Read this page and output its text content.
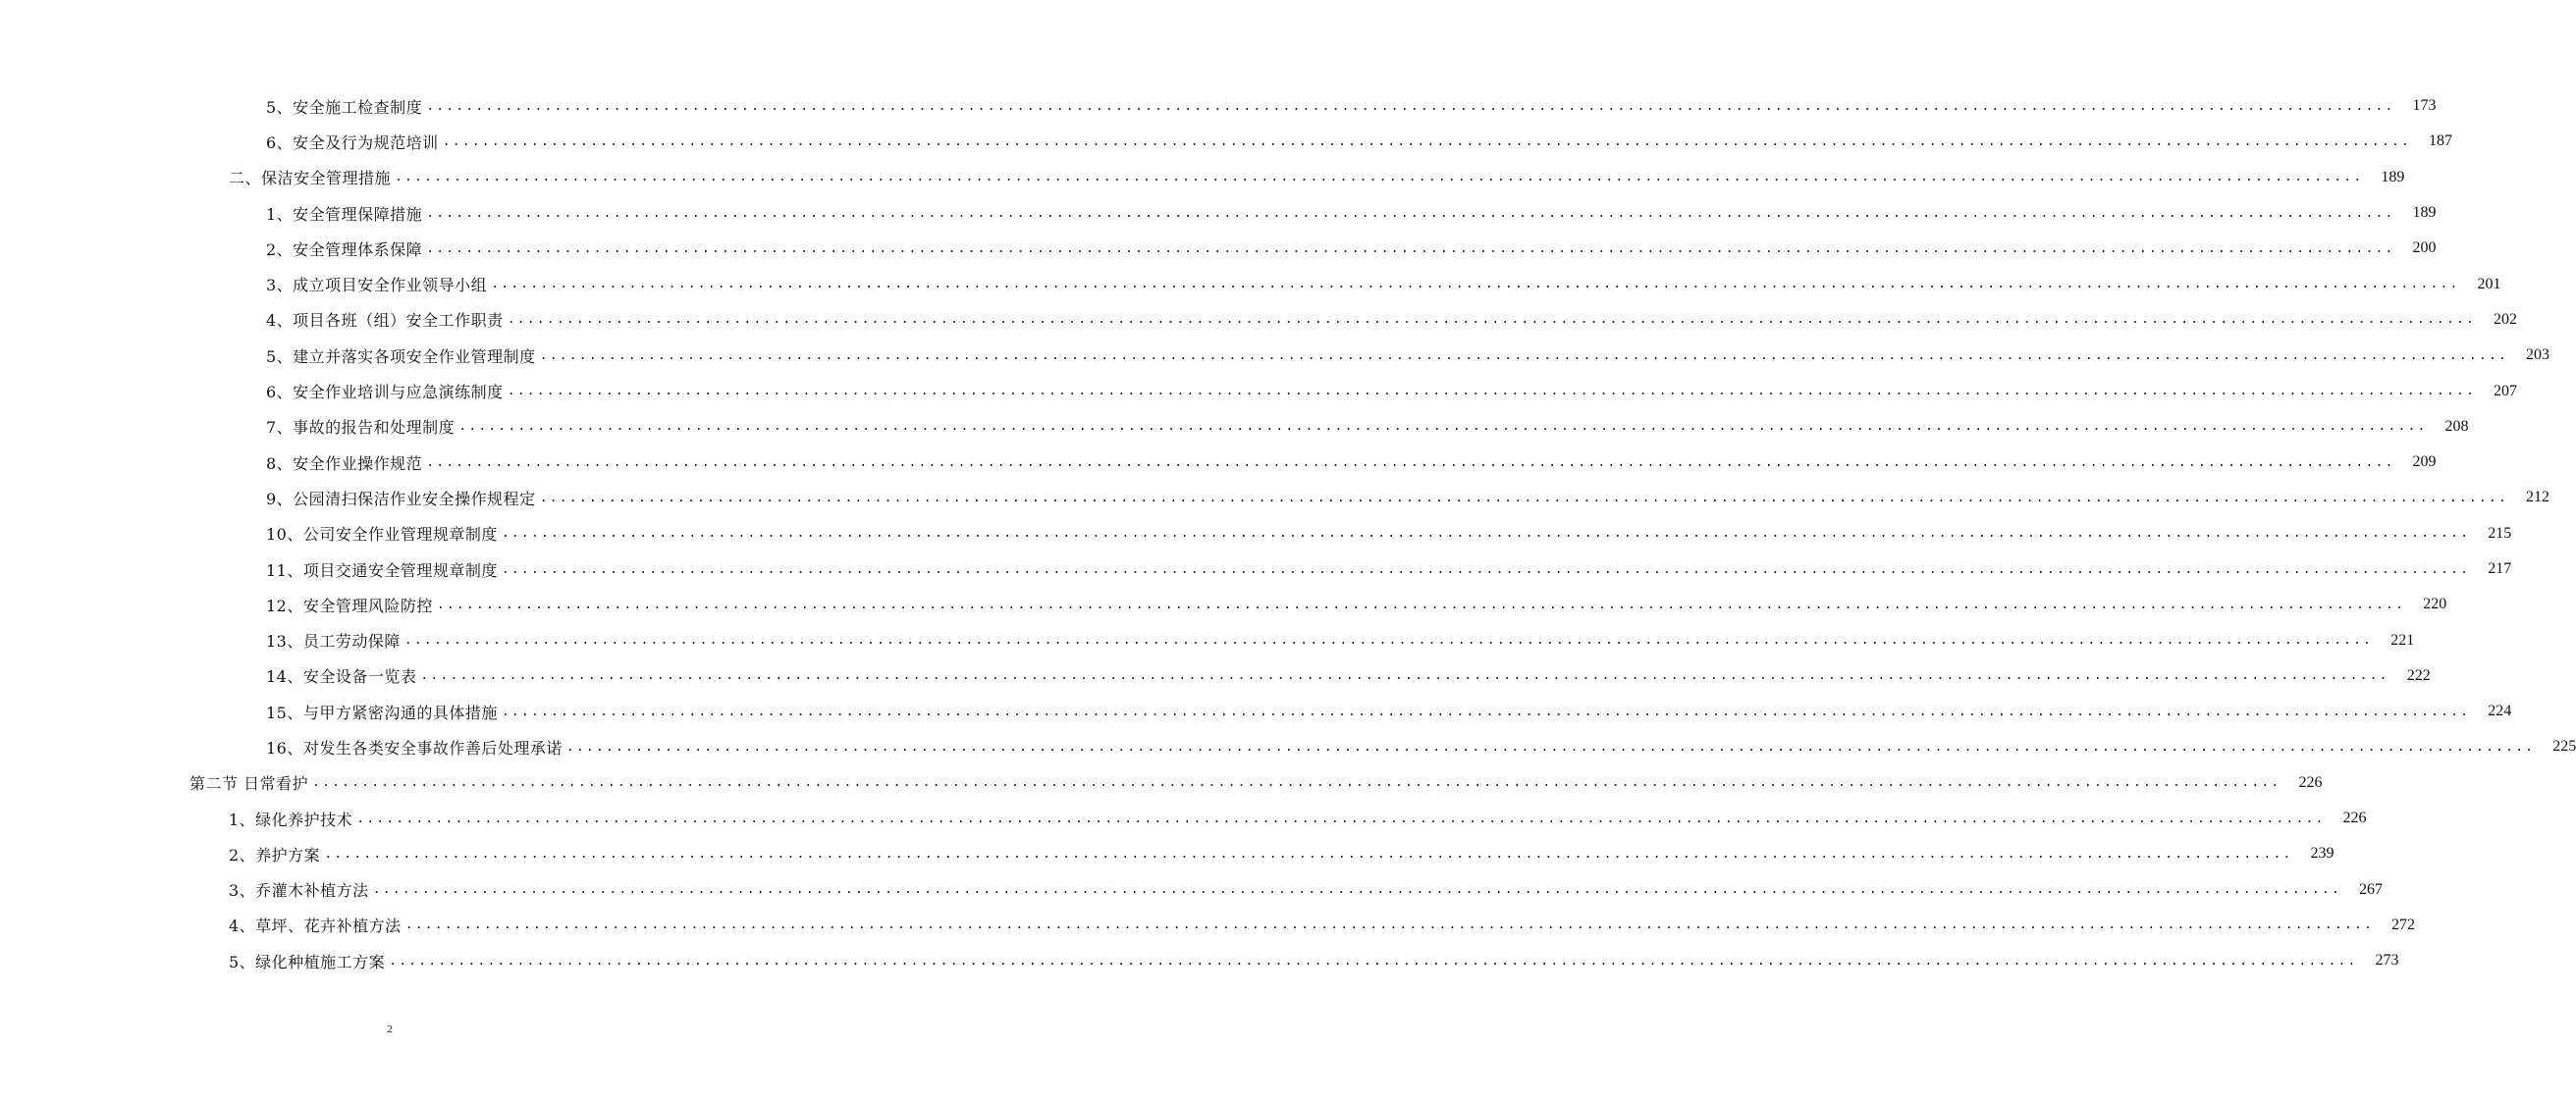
5、安全施工检查制度 ........................................................................................................................................................................................................	173
6、安全及行为规范培训 ........................................................................................................................................................................................................	187
二、保洁安全管理措施 ........................................................................................................................................................................................................	189
1、安全管理保障措施 ........................................................................................................................................................................................................	189
2、安全管理体系保障 ........................................................................................................................................................................................................	200
3、成立项目安全作业领导小组 ........................................................................................................................................................................................................	201
4、项目各班（组）安全工作职责 ........................................................................................................................................................................................................	202
5、建立并落实各项安全作业管理制度 ........................................................................................................................................................................................................	203
6、安全作业培训与应急演练制度 ........................................................................................................................................................................................................	207
7、事故的报告和处理制度 ........................................................................................................................................................................................................	208
8、安全作业操作规范 ........................................................................................................................................................................................................	209
9、公园清扫保洁作业安全操作规程定 ........................................................................................................................................................................................................	212
10、公司安全作业管理规章制度 ........................................................................................................................................................................................................	215
11、项目交通安全管理规章制度 ........................................................................................................................................................................................................	217
12、安全管理风险防控 ........................................................................................................................................................................................................	220
13、员工劳动保障 ........................................................................................................................................................................................................	221
14、安全设备一览表 ........................................................................................................................................................................................................	222
15、与甲方紧密沟通的具体措施 ........................................................................................................................................................................................................	224
16、对发生各类安全事故作善后处理承诺 ........................................................................................................................................................................................................	225
第二节 日常看护 ........................................................................................................................................................................................................	226
1、绿化养护技术 ........................................................................................................................................................................................................	226
2、养护方案 ........................................................................................................................................................................................................	239
3、乔灌木补植方法 ........................................................................................................................................................................................................	267
4、草坪、花卉补植方法 ........................................................................................................................................................................................................	272
5、绿化种植施工方案 ........................................................................................................................................................................................................	273
2
